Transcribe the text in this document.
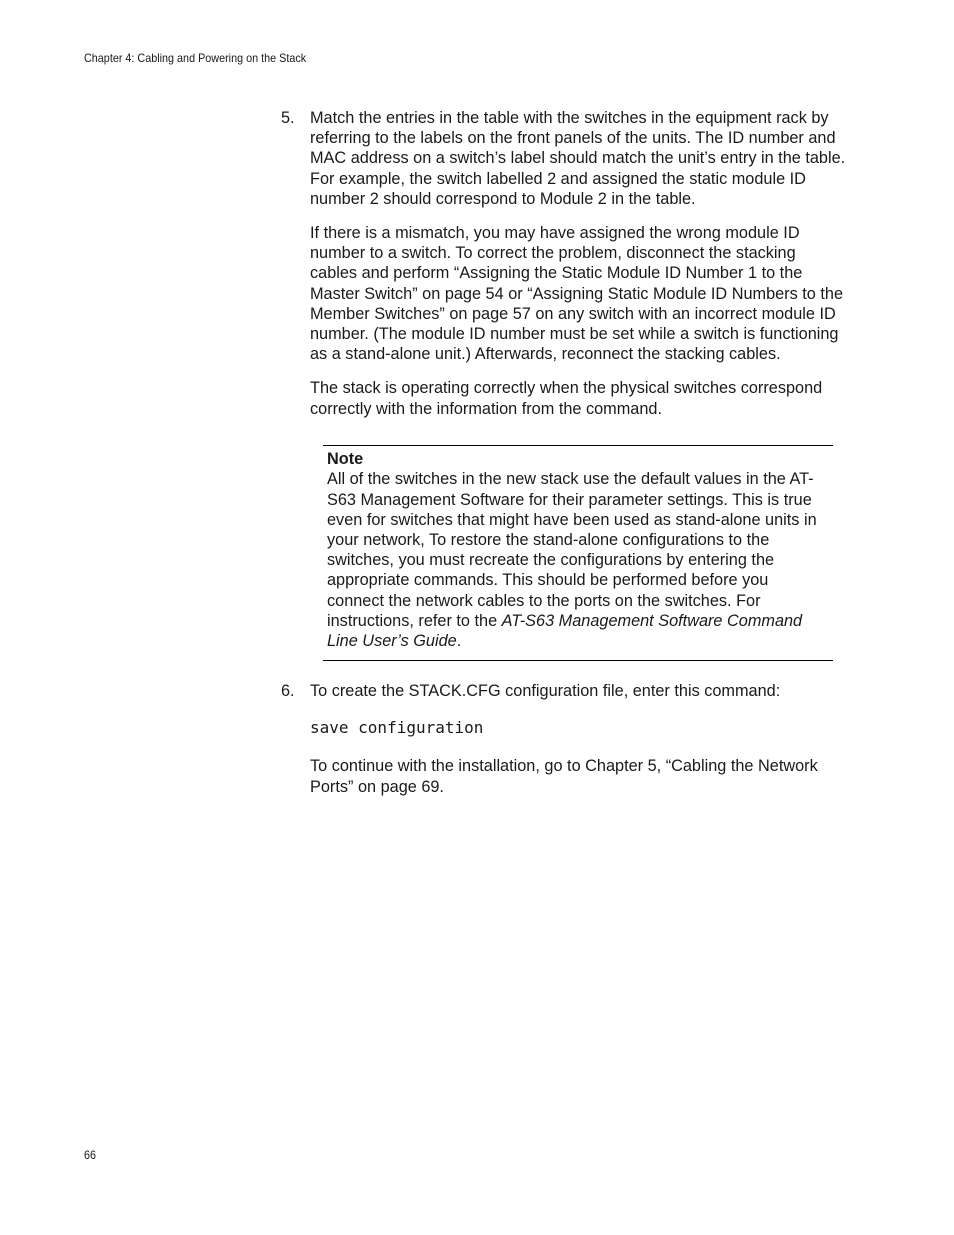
Chapter 4: Cabling and Powering on the Stack
5. Match the entries in the table with the switches in the equipment rack by referring to the labels on the front panels of the units. The ID number and MAC address on a switch’s label should match the unit’s entry in the table. For example, the switch labelled 2 and assigned the static module ID number 2 should correspond to Module 2 in the table.

If there is a mismatch, you may have assigned the wrong module ID number to a switch. To correct the problem, disconnect the stacking cables and perform “Assigning the Static Module ID Number 1 to the Master Switch” on page 54 or “Assigning Static Module ID Numbers to the Member Switches” on page 57 on any switch with an incorrect module ID number. (The module ID number must be set while a switch is functioning as a stand-alone unit.) Afterwards, reconnect the stacking cables.

The stack is operating correctly when the physical switches correspond correctly with the information from the command.

Note
All of the switches in the new stack use the default values in the AT-S63 Management Software for their parameter settings. This is true even for switches that might have been used as stand-alone units in your network, To restore the stand-alone configurations to the switches, you must recreate the configurations by entering the appropriate commands. This should be performed before you connect the network cables to the ports on the switches. For instructions, refer to the AT-S63 Management Software Command Line User’s Guide.
6. To create the STACK.CFG configuration file, enter this command:

save configuration

To continue with the installation, go to Chapter 5, “Cabling the Network Ports” on page 69.

66
